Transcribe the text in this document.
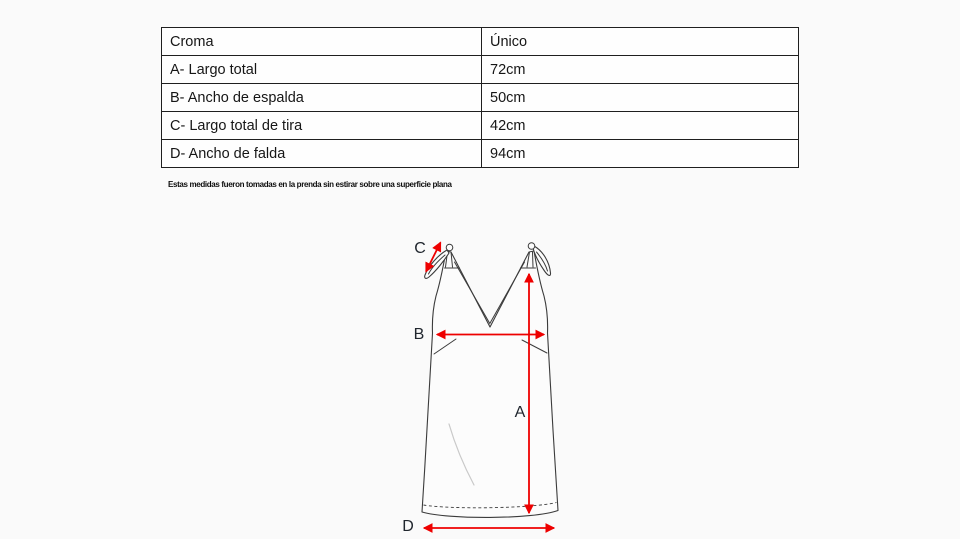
Croma	Único
A- Largo total	72cm
B- Ancho de espalda	50cm
C- Largo total de tira	42cm
D- Ancho de falda	94cm
Estas medidas fueron tomadas en la prenda sin estirar sobre una superficie plana
C
B
A
D
